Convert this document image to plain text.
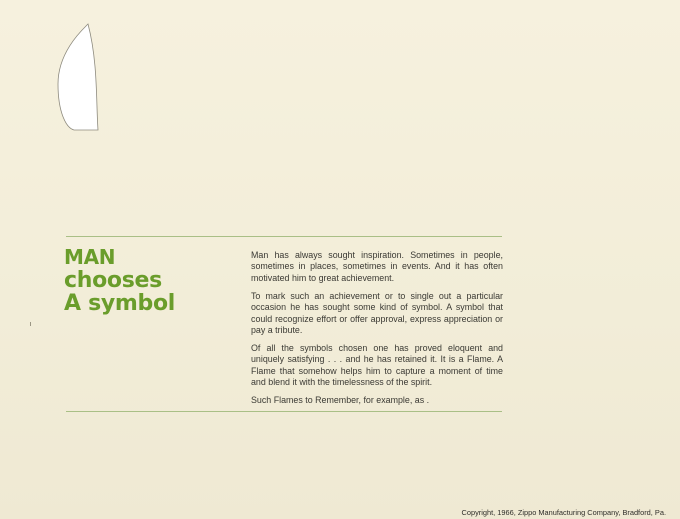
MAN
chooses
A symbol

Man has always sought inspiration. Sometimes in people, sometimes in places, sometimes in events. And it has often motivated him to great achievement.

To mark such an achievement or to single out a particular occasion he has sought some kind of symbol. A symbol that could recognize effort or offer approval, express appreciation or pay a tribute.

Of all the symbols chosen one has proved eloquent and uniquely satisfying . . . and he has retained it. It is a Flame. A Flame that somehow helps him to capture a moment of time and blend it with the timelessness of the spirit.

Such Flames to Remember, for example, as .

Copyright, 1966, Zippo Manufacturing Company, Bradford, Pa.
